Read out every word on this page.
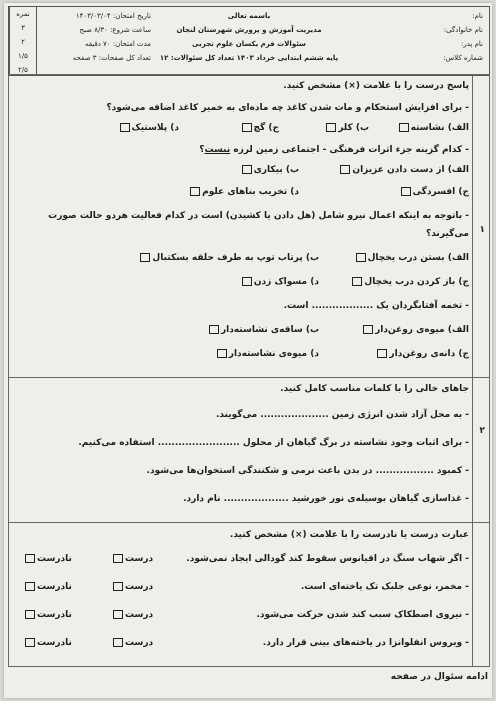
نام:
نام خانوادگی:
نام پدر:
شماره کلاس:
باسمه تعالی
مدیریت آموزش و پرورش شهرستان لنجان
سئوالات فرم یکسان علوم تجربی
پایه ششم ابتدایی خرداد ۱۴۰۳ تعداد کل سئوالات: ۱۲
تاریخ امتحان: ۱۴۰۳/۰۳/۰۴
ساعت شروع: ۸/۳۰ صبح
مدت امتحان: ۷۰ دقیقه
تعداد کل صفحات: ۳ صفحه
نمره
۳
۲
۱/۵
۲/۵
۱
پاسخ درست را با علامت (×) مشخص کنید.
- برای افزایش استحکام و مات شدن کاغذ چه ماده‌ای به خمیر کاغذ اضافه می‌شود؟
الف) نشاسته
ب) کلر
ج) گچ
د) پلاستیک
- کدام گزینه جزء اثرات فرهنگی - اجتماعی زمین لرزه نیست؟
الف) از دست دادن عزیزان
ب) بیکاری
ج) افسردگی
د) تخریب بناهای علوم
- باتوجه به اینکه اعمال نیرو شامل (هل دادن یا کشیدن) است در کدام فعالیت هردو حالت صورت
می‌گیرند؟
الف) بستن درب یخچال
ب) پرتاب توپ به طرف حلقه بسکتبال
ج) باز کردن درب یخچال
د) مسواک زدن
- تخمه آفتابگردان یک .................. است.
الف) میوه‌ی روغن‌دار
ب) ساقه‌ی نشاسته‌دار
ج) دانه‌ی روغن‌دار
د) میوه‌ی نشاسته‌دار
۲
جاهای خالی را با کلمات مناسب کامل کنید.
- به محل آزاد شدن انرژی زمین .................... می‌گویند.
- برای اثبات وجود نشاسته در برگ گیاهان از محلول ........................ استفاده می‌کنیم.
- کمبود ................. در بدن باعث نرمی و شکنندگی استخوان‌ها می‌شود.
- غذاسازی گیاهان بوسیله‌ی نور خورشید ................... نام دارد.
عبارت درست یا نادرست را با علامت (×) مشخص کنید.
- اگر شهاب سنگ در اقیانوس سقوط کند گودالی ایجاد نمی‌شود.
درست
نادرست
- مخمر، نوعی جلبک تک یاخته‌ای است.
درست
نادرست
- نیروی اصطکاک سبب کند شدن حرکت می‌شود.
درست
نادرست
- ویروس انفلوانزا در یاخته‌های بینی قرار دارد.
درست
نادرست
ادامه سئوال در صفحه
